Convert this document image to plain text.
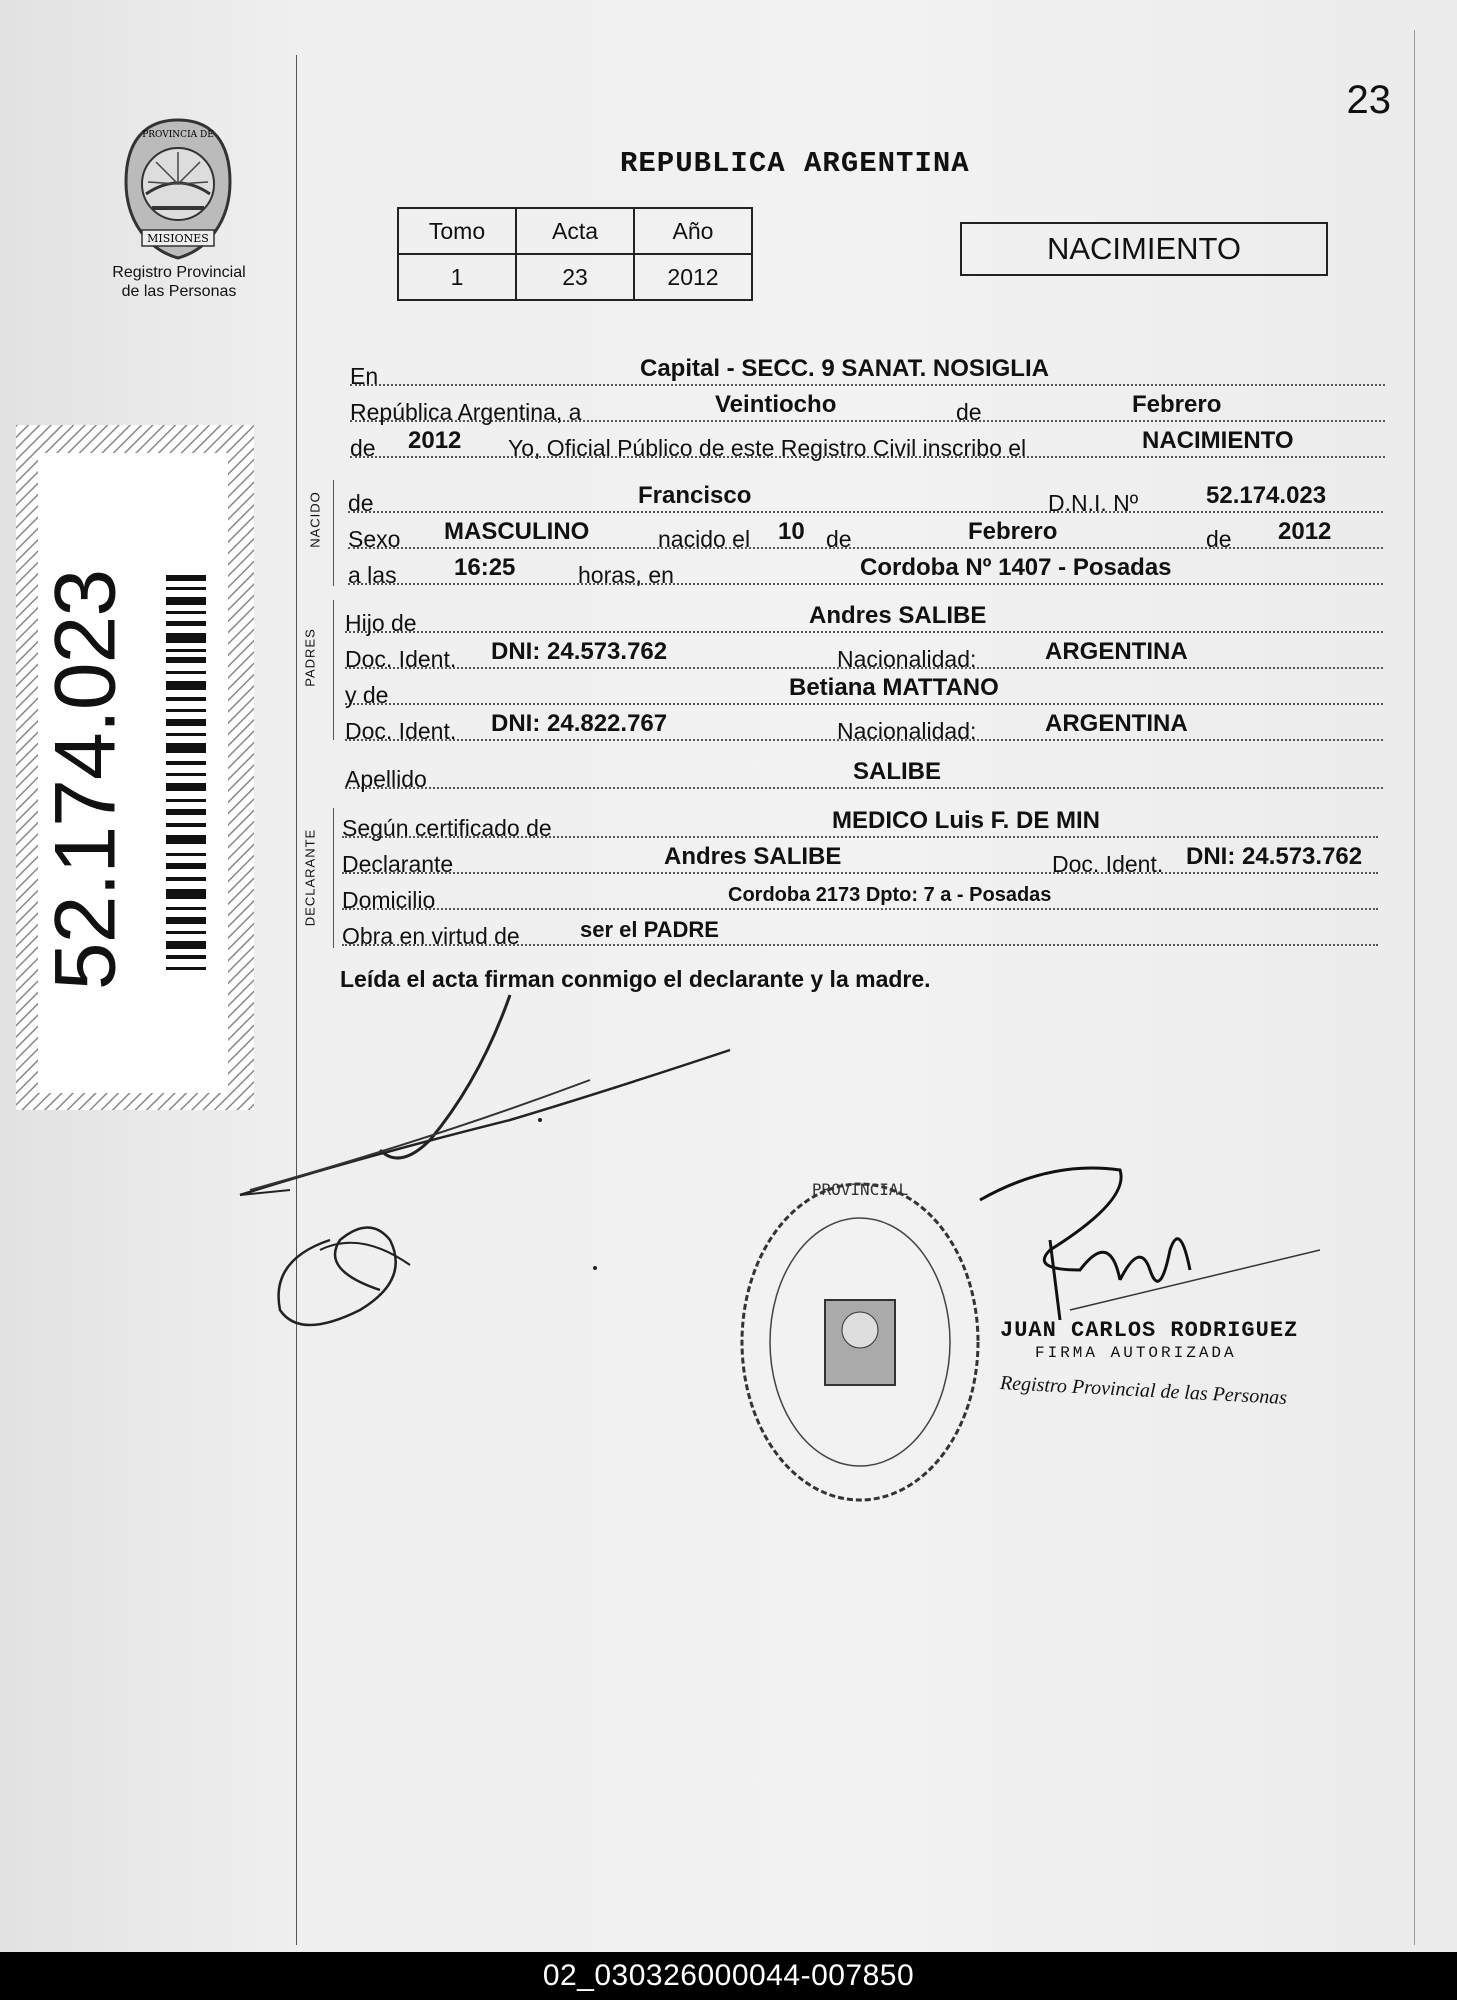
23
PROVINCIA DE
MISIONES
Registro Provincial
de las Personas
REPUBLICA ARGENTINA
Tomo	Acta	Año
1	23	2012
NACIMIENTO
52.174.023
En	Capital - SECC. 9 SANAT. NOSIGLIA
República Argentina, a	Veintiocho	de	Febrero
de 2012 Yo, Oficial Público de este Registro Civil inscribo el	NACIMIENTO
NACIDO de	Francisco	D.N.I. Nº	52.174.023
Sexo MASCULINO	nacido el 10 de	Febrero	de 2012
a las 16:25	horas, en	Cordoba Nº 1407 - Posadas
PADRES
Hijo de	Andres SALIBE
Doc. Ident. DNI: 24.573.762	Nacionalidad:	ARGENTINA
y de	Betiana MATTANO
Doc. Ident. DNI: 24.822.767	Nacionalidad:	ARGENTINA
Apellido	SALIBE
DECLARANTE
Según certificado de	MEDICO Luis F. DE MIN
Declarante	Andres SALIBE	Doc. Ident. DNI: 24.573.762
Domicilio	Cordoba 2173 Dpto: 7 a - Posadas
Obra en virtud de	ser el PADRE
Leída el acta firman conmigo el declarante y la madre.
PROVINCIAL
JUAN CARLOS RODRIGUEZ
FIRMA AUTORIZADA
Registro Provincial de las Personas
02_030326000044-007850
